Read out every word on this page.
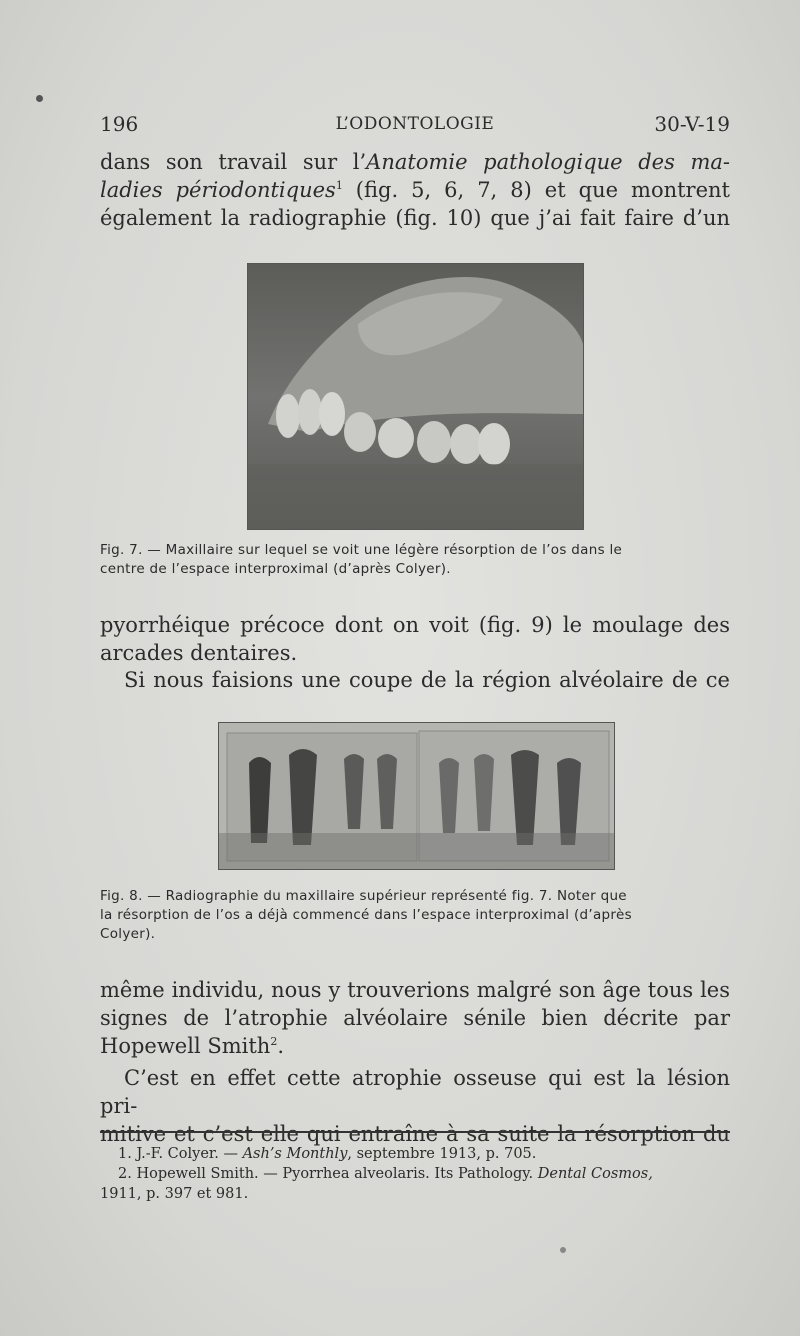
196	L’ODONTOLOGIE	30-V-19
dans son travail sur l’Anatomie pathologique des ma-
ladies périodontiques$^1$ (fig. 5, 6, 7, 8) et que montrent
également la radiographie (fig. 10) que j’ai fait faire d’un
Fig. 7. — Maxillaire sur lequel se voit une légère résorption de l’os dans le
centre de l’espace interproximal (d’après Colyer).
pyorrhéique précoce dont on voit (fig. 9) le moulage des
arcades dentaires.
Si nous faisions une coupe de la région alvéolaire de ce
Fig. 8. — Radiographie du maxillaire supérieur représenté fig. 7. Noter que
la résorption de l’os a déjà commencé dans l’espace interproximal (d’après
Colyer).
même individu, nous y trouverions malgré son âge tous les
signes de l’atrophie alvéolaire sénile bien décrite par
Hopewell Smith$^2$.
C’est en effet cette atrophie osseuse qui est la lésion pri-
mitive et c’est elle qui entraîne à sa suite la résorption du
1. J.-F. Colyer. — Ash’s Monthly, septembre 1913, p. 705.
2. Hopewell Smith. — Pyorrhea alveolaris. Its Pathology. Dental Cosmos,
1911, p. 397 et 981.
